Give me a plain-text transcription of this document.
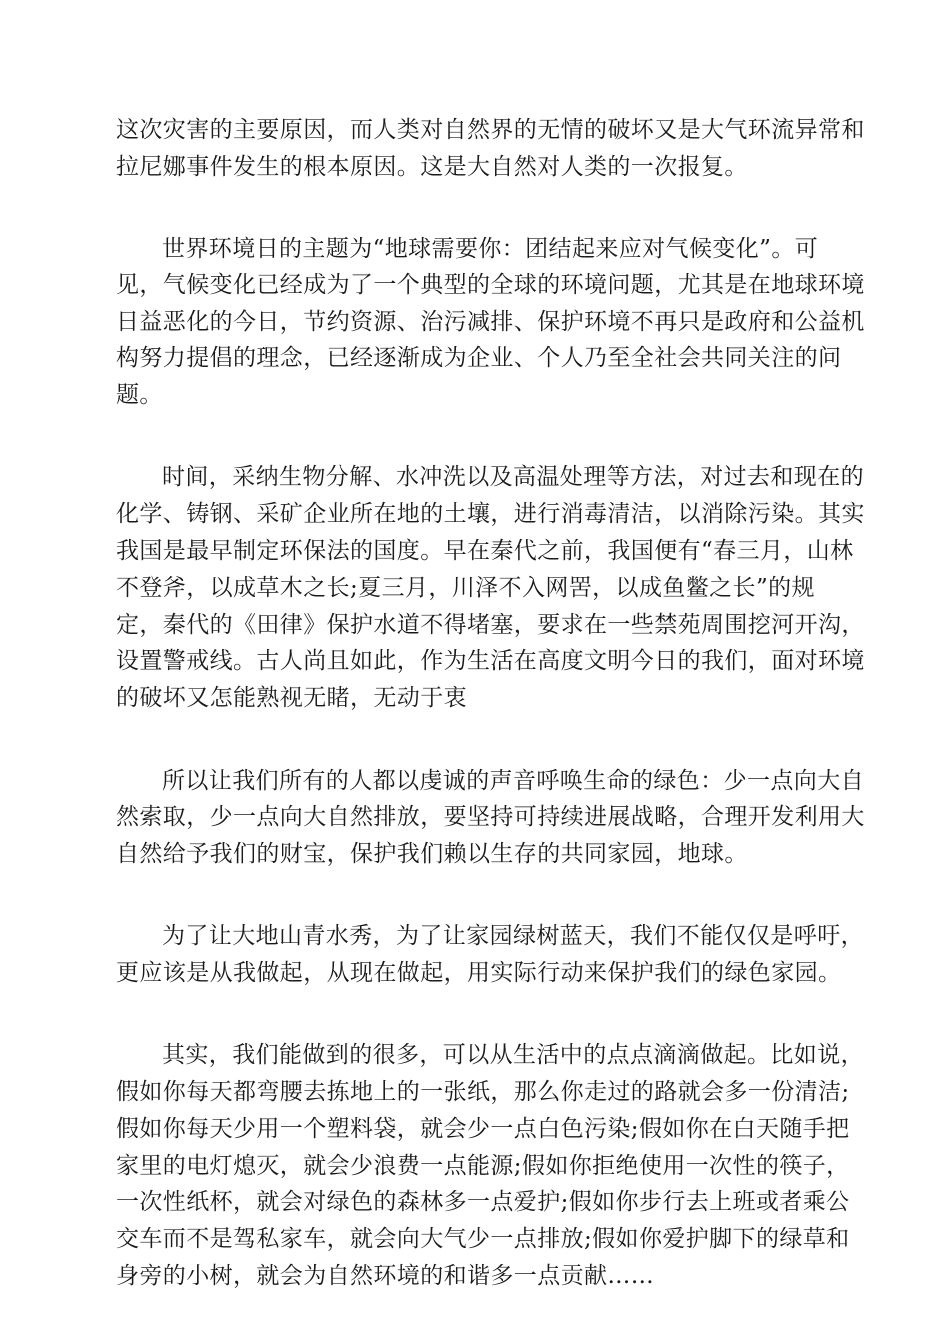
这次灾害的主要原因，而人类对自然界的无情的破坏又是大气环流异常和
拉尼娜事件发生的根本原因。这是大自然对人类的一次报复。
世界环境日的主题为“地球需要你：团结起来应对气候变化”。可
见，气候变化已经成为了一个典型的全球的环境问题，尤其是在地球环境
日益恶化的今日，节约资源、治污减排、保护环境不再只是政府和公益机
构努力提倡的理念，已经逐渐成为企业、个人乃至全社会共同关注的问
题。
时间，采纳生物分解、水冲洗以及高温处理等方法，对过去和现在的
化学、铸钢、采矿企业所在地的土壤，进行消毒清洁，以消除污染。其实
我国是最早制定环保法的国度。早在秦代之前，我国便有“春三月，山林
不登斧，以成草木之长;夏三月，川泽不入网罟，以成鱼鳖之长”的规
定，秦代的《田律》保护水道不得堵塞，要求在一些禁苑周围挖河开沟，
设置警戒线。古人尚且如此，作为生活在高度文明今日的我们，面对环境
的破坏又怎能熟视无睹，无动于衷
所以让我们所有的人都以虔诚的声音呼唤生命的绿色：少一点向大自
然索取，少一点向大自然排放，要坚持可持续进展战略，合理开发利用大
自然给予我们的财宝，保护我们赖以生存的共同家园，地球。
为了让大地山青水秀，为了让家园绿树蓝天，我们不能仅仅是呼吁，
更应该是从我做起，从现在做起，用实际行动来保护我们的绿色家园。
其实，我们能做到的很多，可以从生活中的点点滴滴做起。比如说，
假如你每天都弯腰去拣地上的一张纸，那么你走过的路就会多一份清洁;
假如你每天少用一个塑料袋，就会少一点白色污染;假如你在白天随手把
家里的电灯熄灭，就会少浪费一点能源;假如你拒绝使用一次性的筷子，
一次性纸杯，就会对绿色的森林多一点爱护;假如你步行去上班或者乘公
交车而不是驾私家车，就会向大气少一点排放;假如你爱护脚下的绿草和
身旁的小树，就会为自然环境的和谐多一点贡献……
